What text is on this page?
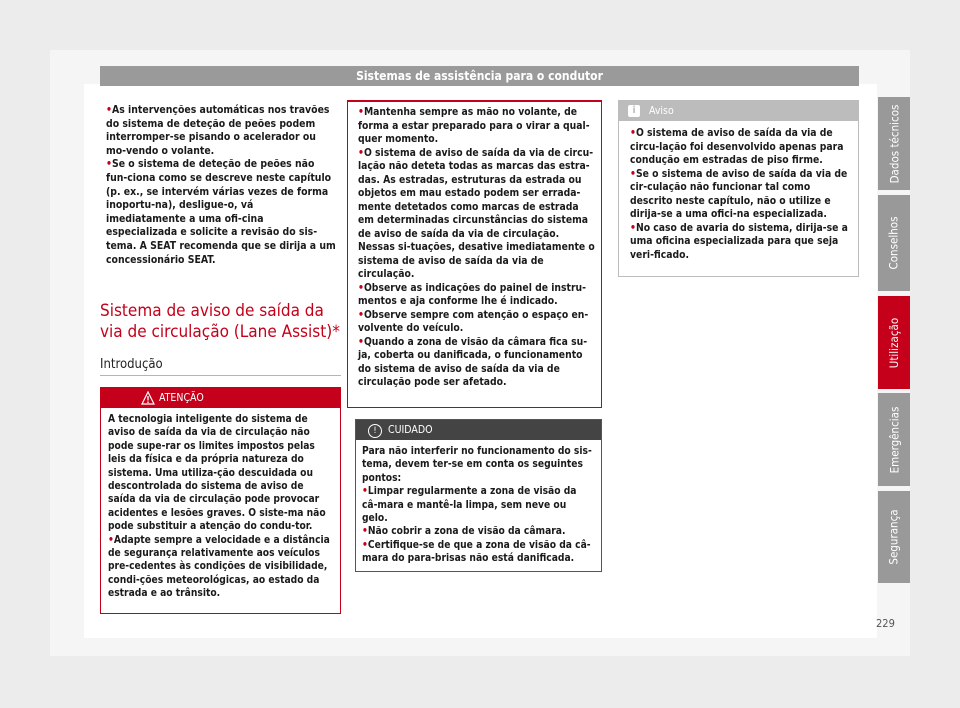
Sistemas de assistência para o condutor

• As intervenções automáticas nos travões do sistema de deteção de peões podem interromper-se pisando o acelerador ou mo-vendo o volante.

• Se o sistema de deteção de peões não fun-ciona como se descreve neste capítulo (p. ex., se intervém várias vezes de forma inoportu-na), desligue-o, vá imediatamente a uma ofi-cina especializada e solicite a revisão do sis-tema. A SEAT recomenda que se dirija a um concessionário SEAT.

Sistema de aviso de saída da via de circulação (Lane Assist)*
Introdução
ATENÇÃO

A tecnologia inteligente do sistema de aviso de saída da via de circulação não pode supe-rar os limites impostos pelas leis da física e da própria natureza do sistema. Uma utiliza-ção descuidada ou descontrolada do sistema de aviso de saída da via de circulação pode provocar acidentes e lesões graves. O siste-ma não pode substituir a atenção do condu-tor.

• Adapte sempre a velocidade e a distância de segurança relativamente aos veículos pre-cedentes às condições de visibilidade, condi-ções meteorológicas, ao estado da estrada e ao trânsito.

• Mantenha sempre as mão no volante, de forma a estar preparado para o virar a qual-quer momento.

• O sistema de aviso de saída da via de circu-lação não deteta todas as marcas das estra-das. As estradas, estruturas da estrada ou objetos em mau estado podem ser errada-mente detetados como marcas de estrada em determinadas circunstâncias do sistema de aviso de saída da via de circulação. Nessas si-tuações, desative imediatamente o sistema de aviso de saída da via de circulação.

• Observe as indicações do painel de instru-mentos e aja conforme lhe é indicado.

• Observe sempre com atenção o espaço en-volvente do veículo.

• Quando a zona de visão da câmara fica su-ja, coberta ou danificada, o funcionamento do sistema de aviso de saída da via de circulação pode ser afetado.

!	CUIDADO

Para não interferir no funcionamento do sis-tema, devem ter-se em conta os seguintes pontos:

• Limpar regularmente a zona de visão da câ-mara e mantê-la limpa, sem neve ou gelo.

• Não cobrir a zona de visão da câmara.

• Certifique-se de que a zona de visão da câ-mara do para-brisas não está danificada.

i	Aviso

• O sistema de aviso de saída da via de circu-lação foi desenvolvido apenas para condução em estradas de piso firme.

• Se o sistema de aviso de saída da via de cir-culação não funcionar tal como descrito neste capítulo, não o utilize e dirija-se a uma ofici-na especializada.

• No caso de avaria do sistema, dirija-se a uma oficina especializada para que seja veri-ficado.

Dados técnicos
Conselhos
Utilização
Emergências
Segurança
229
